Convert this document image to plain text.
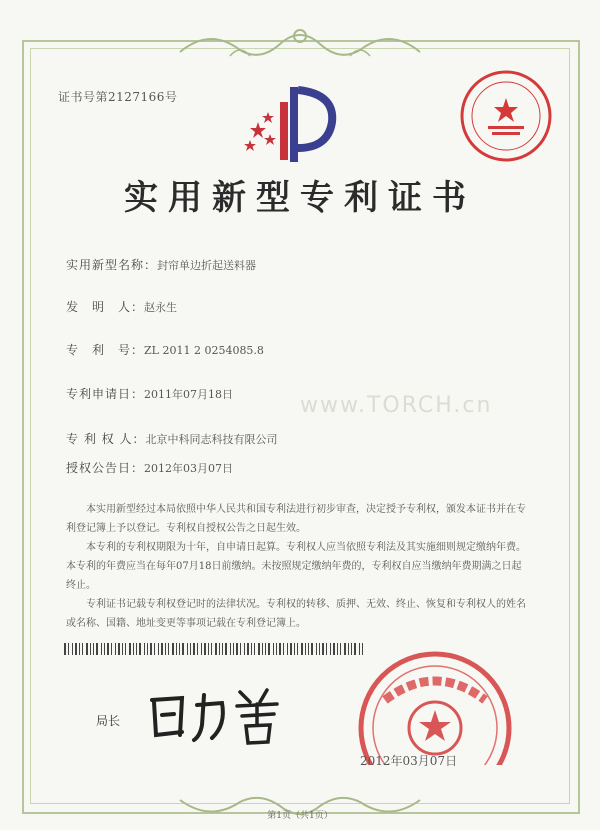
证书号第2127166号
实用新型专利证书
实用新型名称：封帘单边折起送料器
发　明　人：赵永生
专　利　号：ZL 2011 2 0254085.8
专利申请日：2011年07月18日
专 利 权 人：北京中科同志科技有限公司
授权公告日：2012年03月07日
www.TORCH.cn

本实用新型经过本局依照中华人民共和国专利法进行初步审查，决定授予专利权，颁发本证书并在专利登记簿上予以登记。专利权自授权公告之日起生效。

本专利的专利权期限为十年，自申请日起算。专利权人应当依照专利法及其实施细则规定缴纳年费。本专利的年费应当在每年07月18日前缴纳。未按照规定缴纳年费的，专利权自应当缴纳年费期满之日起终止。

专利证书记载专利权登记时的法律状况。专利权的转移、质押、无效、终止、恢复和专利权人的姓名或名称、国籍、地址变更等事项记载在专利登记簿上。

局长
2012年03月07日
第1页（共1页）
